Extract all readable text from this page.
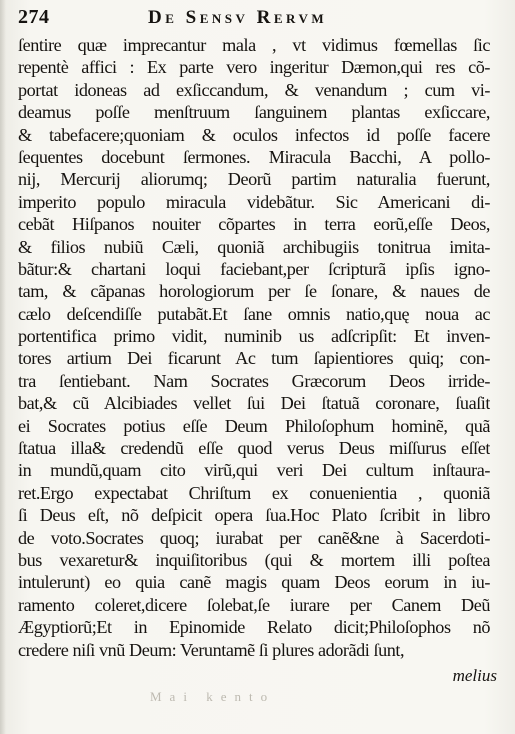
274	De Sensv Rervm
ſentire quæ imprecantur mala , vt vidimus fœmellas ſic
repentè affici : Ex parte vero ingeritur Dæmon,qui res cõ-
portat idoneas ad exſiccandum, & venandum ; cum vi-
deamus poſſe menſtruum ſanguinem plantas exſiccare,
& tabefacere;quoniam & oculos infectos id poſſe facere
ſequentes docebunt ſermones. Miracula Bacchi, A pollo-
nij, Mercurij aliorumq; Deorũ partim naturalia fuerunt,
imperito populo miracula videbãtur. Sic Americani di-
cebãt Hiſpanos nouiter cõpartes in terra eorũ,eſſe Deos,
& filios nubiũ Cæli, quoniã archibugiis tonitrua imita-
bãtur:& chartani loqui faciebant,per ſcripturã ipſis igno-
tam, & cãpanas horologiorum per ſe ſonare, & naues de
cælo deſcendiſſe putabãt.Et ſane omnis natio,quę noua ac
portentifica primo vidit, numinib us adſcripſit: Et inven-
tores artium Dei ficarunt Ac tum ſapientiores quiq; con-
tra ſentiebant. Nam Socrates Græcorum Deos irride-
bat,& cũ Alcibiades vellet ſui Dei ſtatuã coronare, ſuaſit
ei Socrates potius eſſe Deum Philoſophum hominẽ, quã
ſtatua illa& credendũ eſſe quod verus Deus miſſurus eſſet
in mundũ,quam cito virũ,qui veri Dei cultum inſtaura-
ret.Ergo expectabat Chriſtum ex conuenientia , quoniã
ſi Deus eſt, nõ deſpicit opera ſua.Hoc Plato ſcribit in libro
de voto.Socrates quoq; iurabat per canẽ&ne à Sacerdoti-
bus vexaretur& inquiſitoribus (qui & mortem illi poſtea
intulerunt) eo quia canẽ magis quam Deos eorum in iu-
ramento coleret,dicere ſolebat,ſe iurare per Canem Deũ
Ægyptiorũ;Et in Epinomide Relato dicit;Philoſophos nõ
credere niſi vnũ Deum: Veruntamẽ ſi plures adorãdi ſunt,
melius
Mai kento
